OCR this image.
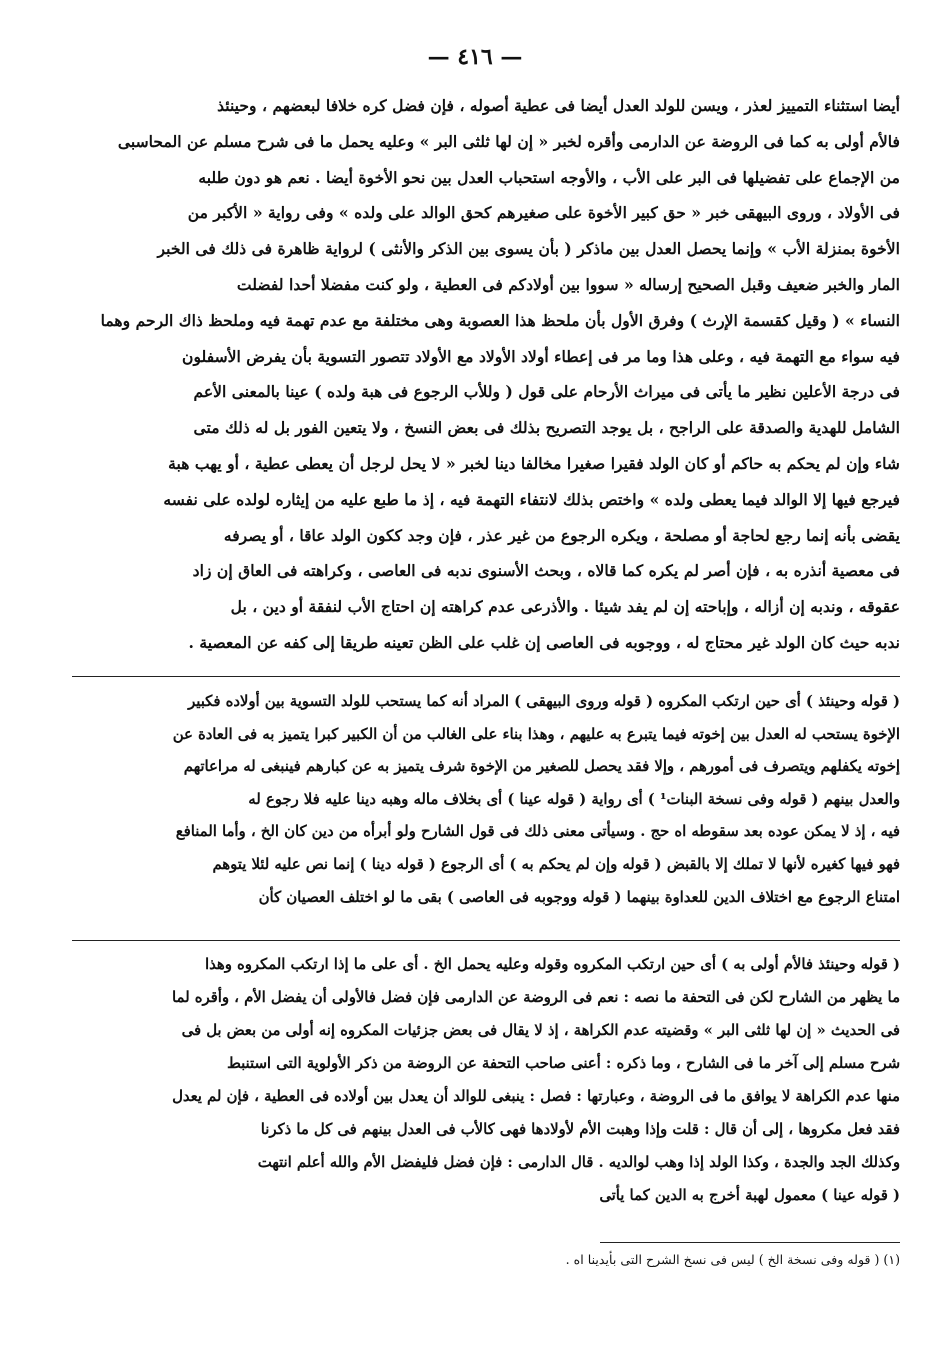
— ٤١٦ —
أيضا استثناء التمييز لعذر ، ويسن للولد العدل أيضا فى عطية أصوله ، فإن فضل كره خلافا لبعضهم ، وحينئذ
فالأم أولى به كما فى الروضة عن الدارمى وأقره لخبر « إن لها ثلثى البر » وعليه يحمل ما فى شرح مسلم عن المحاسبى
من الإجماع على تفضيلها فى البر على الأب ، والأوجه استحباب العدل بين نحو الأخوة أيضا . نعم هو دون طلبه
فى الأولاد ، وروى البيهقى خبر « حق كبير الأخوة على صغيرهم كحق الوالد على ولده » وفى رواية « الأكبر من
الأخوة بمنزلة الأب » وإنما يحصل العدل بين ماذكر ( بأن يسوى بين الذكر والأنثى ) لرواية ظاهرة فى ذلك فى الخبر
المار والخبر ضعيف وقبل الصحيح إرساله « سووا بين أولادكم فى العطية ، ولو كنت مفضلا أحدا لفضلت
النساء » ( وقيل كقسمة الإرث ) وفرق الأول بأن ملحظ هذا العصوبة وهى مختلفة مع عدم تهمة فيه وملحظ ذاك الرحم وهما
فيه سواء مع التهمة فيه ، وعلى هذا وما مر فى إعطاء أولاد الأولاد مع الأولاد تتصور التسوية بأن يفرض الأسفلون
فى درجة الأعلين نظير ما يأتى فى ميراث الأرحام على قول ( وللأب الرجوع فى هبة ولده ) عينا بالمعنى الأعم
الشامل للهدية والصدقة على الراجح ، بل يوجد التصريح بذلك فى بعض النسخ ، ولا يتعين الفور بل له ذلك متى
شاء وإن لم يحكم به حاكم أو كان الولد فقيرا صغيرا مخالفا دينا لخبر « لا يحل لرجل أن يعطى عطية ، أو يهب هبة
فيرجع فيها إلا الوالد فيما يعطى ولده » واختص بذلك لانتفاء التهمة فيه ، إذ ما طبع عليه من إيثاره لولده على نفسه
يقضى بأنه إنما رجع لحاجة أو مصلحة ، ويكره الرجوع من غير عذر ، فإن وجد ككون الولد عاقا ، أو يصرفه
فى معصية أنذره به ، فإن أصر لم يكره كما قالاه ، وبحث الأسنوى ندبه فى العاصى ، وكراهته فى العاق إن زاد
عقوقه ، وندبه إن أزاله ، وإباحته إن لم يفد شيئا . والأذرعى عدم كراهته إن احتاج الأب لنفقة أو دين ، بل
ندبه حيث كان الولد غير محتاج له ، ووجوبه فى العاصى إن غلب على الظن تعينه طريقا إلى كفه عن المعصية .
( قوله وحينئذ ) أى حين ارتكب المكروه ( قوله وروى البيهقى ) المراد أنه كما يستحب للولد التسوية بين أولاده فكبير
الإخوة يستحب له العدل بين إخوته فيما يتبرع به عليهم ، وهذا بناء على الغالب من أن الكبير كبرا يتميز به فى العادة عن
إخوته يكفلهم ويتصرف فى أمورهم ، وإلا فقد يحصل للصغير من الإخوة شرف يتميز به عن كبارهم فينبغى له مراعاتهم
والعدل بينهم ( قوله وفى نسخة البنات¹ ) أى رواية ( قوله عينا ) أى بخلاف ماله وهبه دينا عليه فلا رجوع له
فيه ، إذ لا يمكن عوده بعد سقوطه اه حج . وسيأتى معنى ذلك فى قول الشارح ولو أبرأه من دين كان الخ ، وأما المنافع
فهو فيها كغيره لأنها لا تملك إلا بالقبض ( قوله وإن لم يحكم به ) أى الرجوع ( قوله دينا ) إنما نص عليه لئلا يتوهم
امتناع الرجوع مع اختلاف الدين للعداوة بينهما ( قوله ووجوبه فى العاصى ) بقى ما لو اختلف العصيان كأن
( قوله وحينئذ فالأم أولى به ) أى حين ارتكب المكروه وقوله وعليه يحمل الخ . أى على ما إذا ارتكب المكروه وهذا
ما يظهر من الشارح لكن فى التحفة ما نصه : نعم فى الروضة عن الدارمى فإن فضل فالأولى أن يفضل الأم ، وأقره لما
فى الحديث « إن لها ثلثى البر » وقضيته عدم الكراهة ، إذ لا يقال فى بعض جزئيات المكروه إنه أولى من بعض بل فى
شرح مسلم إلى آخر ما فى الشارح ، وما ذكره : أعنى صاحب التحفة عن الروضة من ذكر الأولوية التى استنبط
منها عدم الكراهة لا يوافق ما فى الروضة ، وعبارتها : فصل : ينبغى للوالد أن يعدل بين أولاده فى العطية ، فإن لم يعدل
فقد فعل مكروها ، إلى أن قال : قلت وإذا وهبت الأم لأولادها فهى كالأب فى العدل بينهم فى كل ما ذكرنا
وكذلك الجد والجدة ، وكذا الولد إذا وهب لوالديه . قال الدارمى : فإن فضل فليفضل الأم والله أعلم انتهت
( قوله عينا ) معمول لهبة أخرج به الدين كما يأتى
(١) ( قوله وفى نسخة الخ ) ليس فى نسخ الشرح التى بأيدينا اه .
